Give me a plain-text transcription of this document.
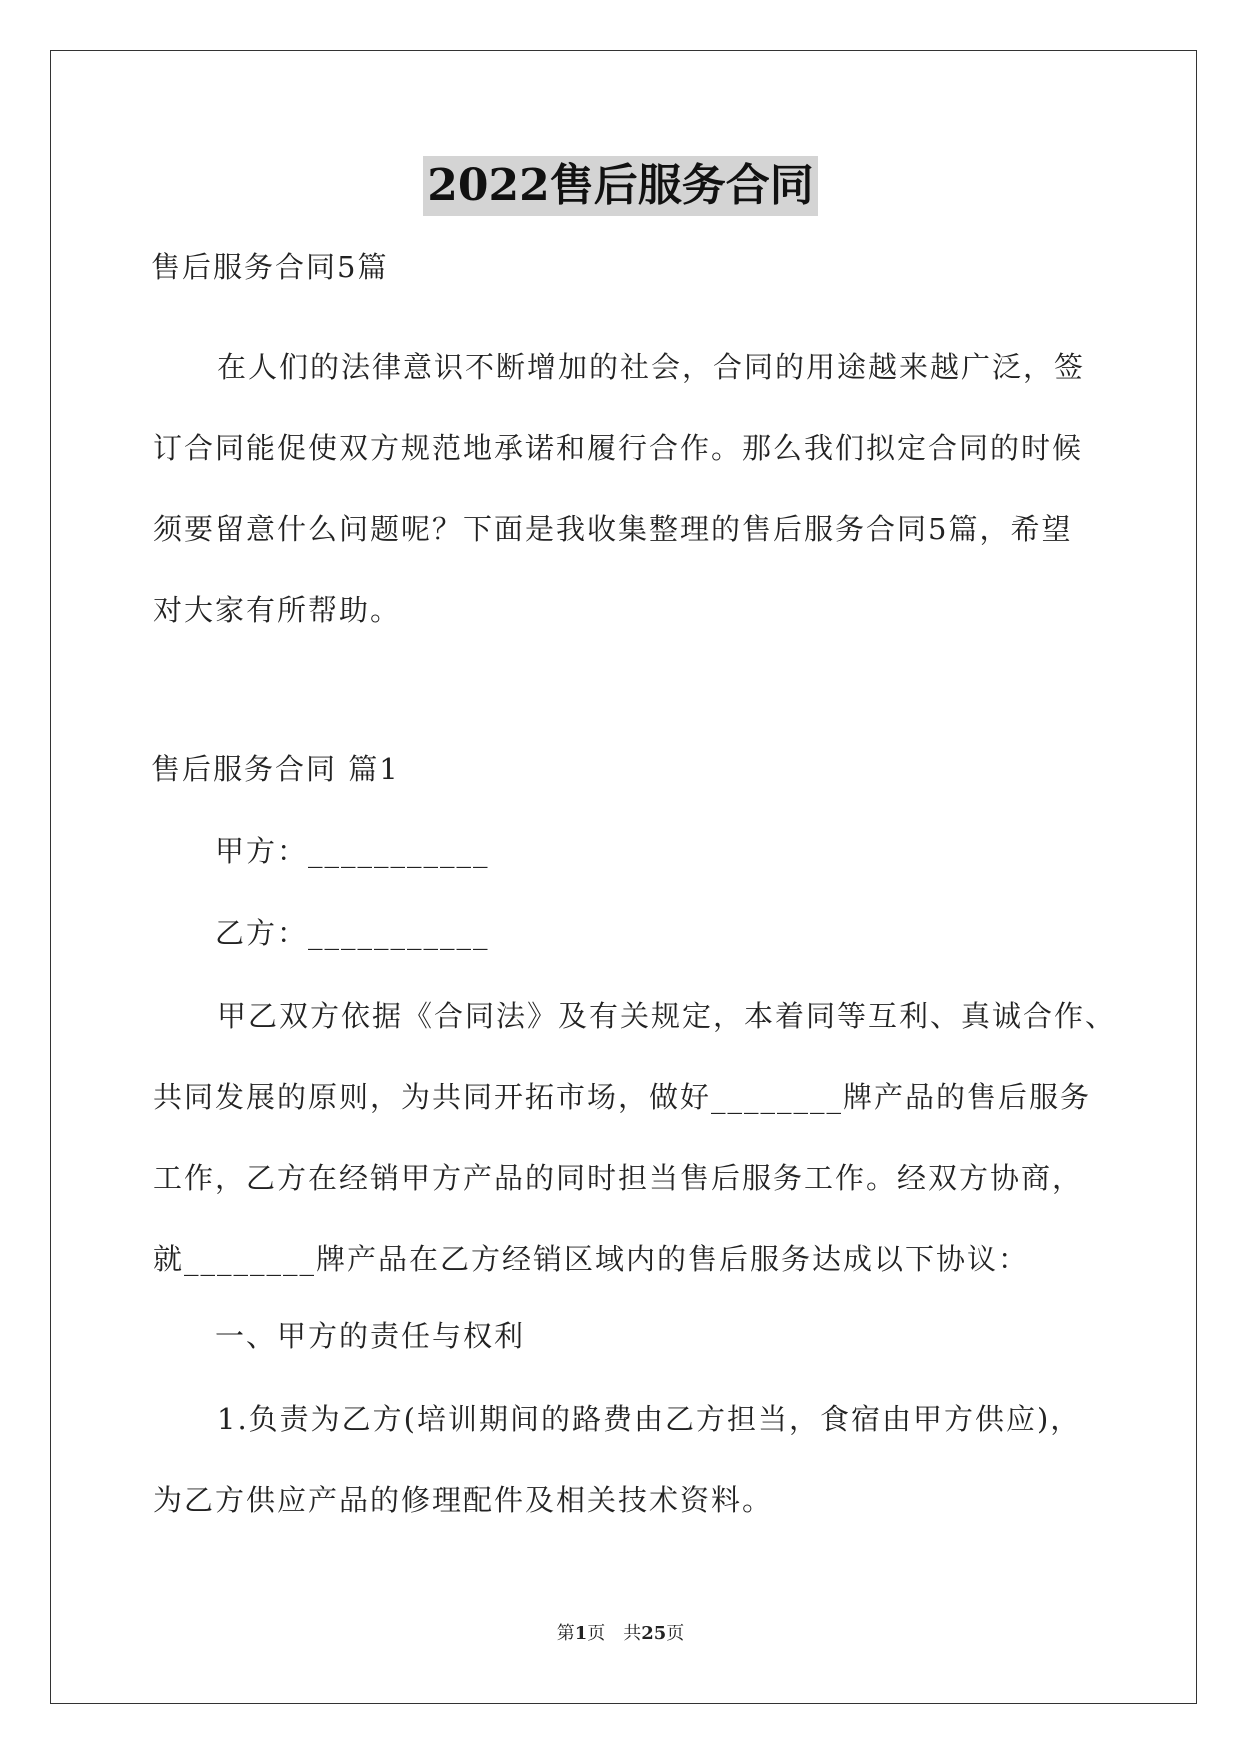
2022售后服务合同

售后服务合同5篇

在人们的法律意识不断增加的社会，合同的用途越来越广泛，签
订合同能促使双方规范地承诺和履行合作。那么我们拟定合同的时候
须要留意什么问题呢？下面是我收集整理的售后服务合同5篇，希望
对大家有所帮助。

售后服务合同 篇1

甲方：___________

乙方：___________

甲乙双方依据《合同法》及有关规定，本着同等互利、真诚合作、
共同发展的原则，为共同开拓市场，做好________牌产品的售后服务
工作，乙方在经销甲方产品的同时担当售后服务工作。经双方协商，
就________牌产品在乙方经销区域内的售后服务达成以下协议：

一、甲方的责任与权利

1.负责为乙方(培训期间的路费由乙方担当，食宿由甲方供应)，
为乙方供应产品的修理配件及相关技术资料。
第1页　共25页
